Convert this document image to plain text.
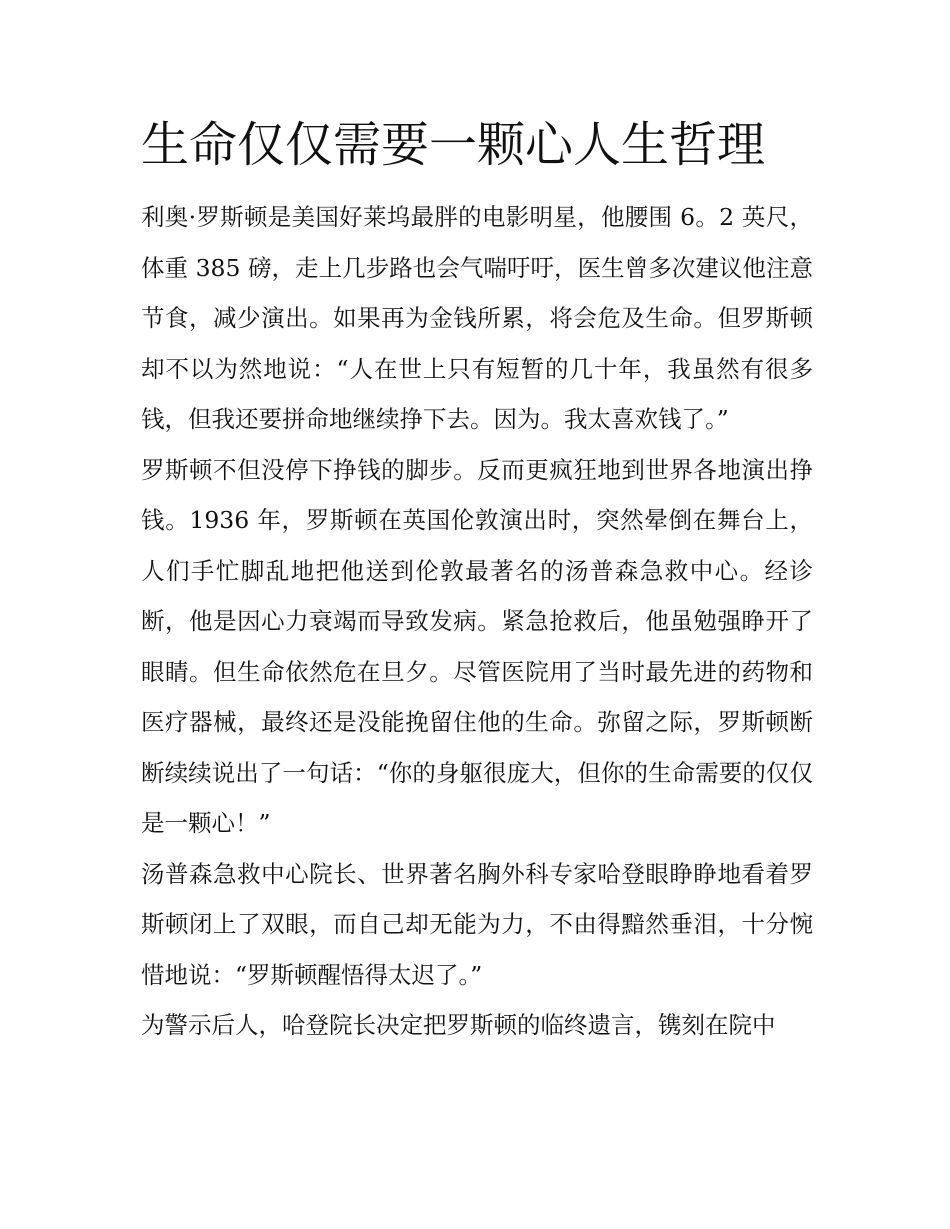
生命仅仅需要一颗心人生哲理

利奥·罗斯顿是美国好莱坞最胖的电影明星，他腰围 6。2 英尺，体重 385 磅，走上几步路也会气喘吁吁，医生曾多次建议他注意节食，减少演出。如果再为金钱所累，将会危及生命。但罗斯顿却不以为然地说：“人在世上只有短暂的几十年，我虽然有很多钱，但我还要拼命地继续挣下去。因为。我太喜欢钱了。”

罗斯顿不但没停下挣钱的脚步。反而更疯狂地到世界各地演出挣钱。1936 年，罗斯顿在英国伦敦演出时，突然晕倒在舞台上，人们手忙脚乱地把他送到伦敦最著名的汤普森急救中心。经诊断，他是因心力衰竭而导致发病。紧急抢救后，他虽勉强睁开了眼睛。但生命依然危在旦夕。尽管医院用了当时最先进的药物和医疗器械，最终还是没能挽留住他的生命。弥留之际，罗斯顿断断续续说出了一句话：“你的身躯很庞大，但你的生命需要的仅仅是一颗心！”

汤普森急救中心院长、世界著名胸外科专家哈登眼睁睁地看着罗斯顿闭上了双眼，而自己却无能为力，不由得黯然垂泪，十分惋惜地说：“罗斯顿醒悟得太迟了。”

为警示后人，哈登院长决定把罗斯顿的临终遗言，镌刻在院中
